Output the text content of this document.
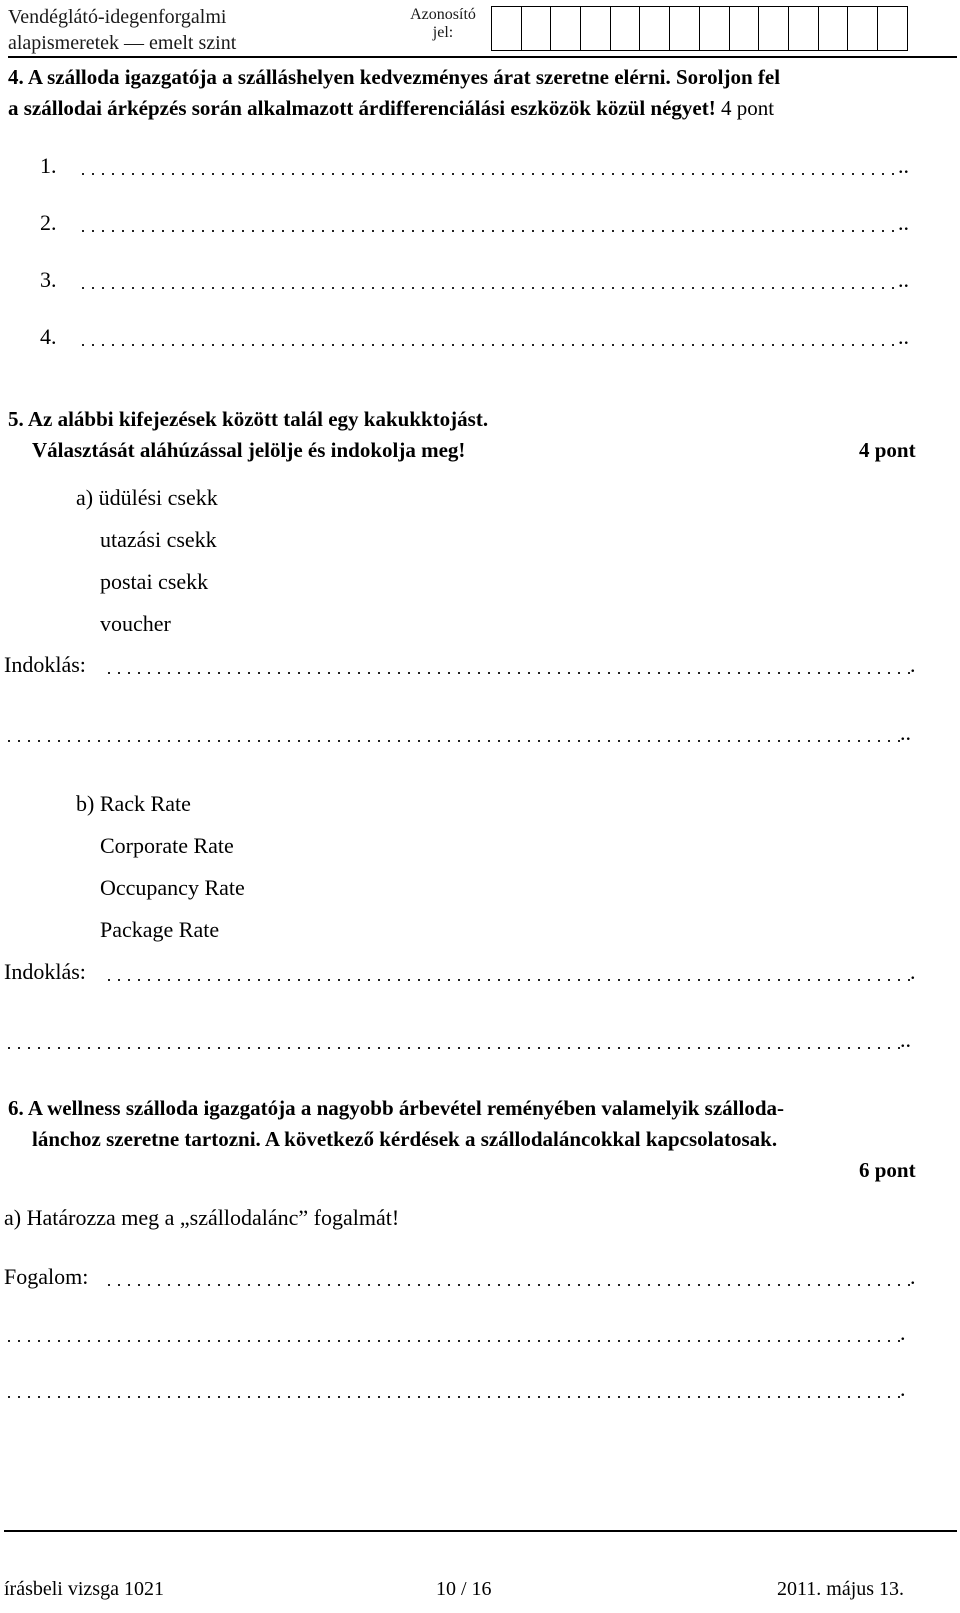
Vendéglátó-idegenforgalmi
alapismeretek — emelt szint
Azonosító
jel:
4. A szálloda igazgatója a szálláshelyen kedvezményes árat szeretne elérni. Soroljon fel
a szállodai árképzés során alkalmazott árdifferenciálási eszközök közül négyet! 4 pont
1.	..
2.	..
3.	..
4.	..
5. Az alábbi kifejezések között talál egy kakukktojást.
Választását aláhúzással jelölje és indokolja meg!	4 pont
a) üdülési csekk
utazási csekk
postai csekk
voucher
Indoklás:	.
..
b) Rack Rate
Corporate Rate
Occupancy Rate
Package Rate
Indoklás:	.
..
6. A wellness szálloda igazgatója a nagyobb árbevétel reményében valamelyik szálloda-
lánchoz szeretne tartozni. A következő kérdések a szállodaláncokkal kapcsolatosak.
6 pont
a) Határozza meg a „szállodalánc” fogalmát!
Fogalom:	.
.
.
írásbeli vizsga 1021	10 / 16	2011. május 13.
